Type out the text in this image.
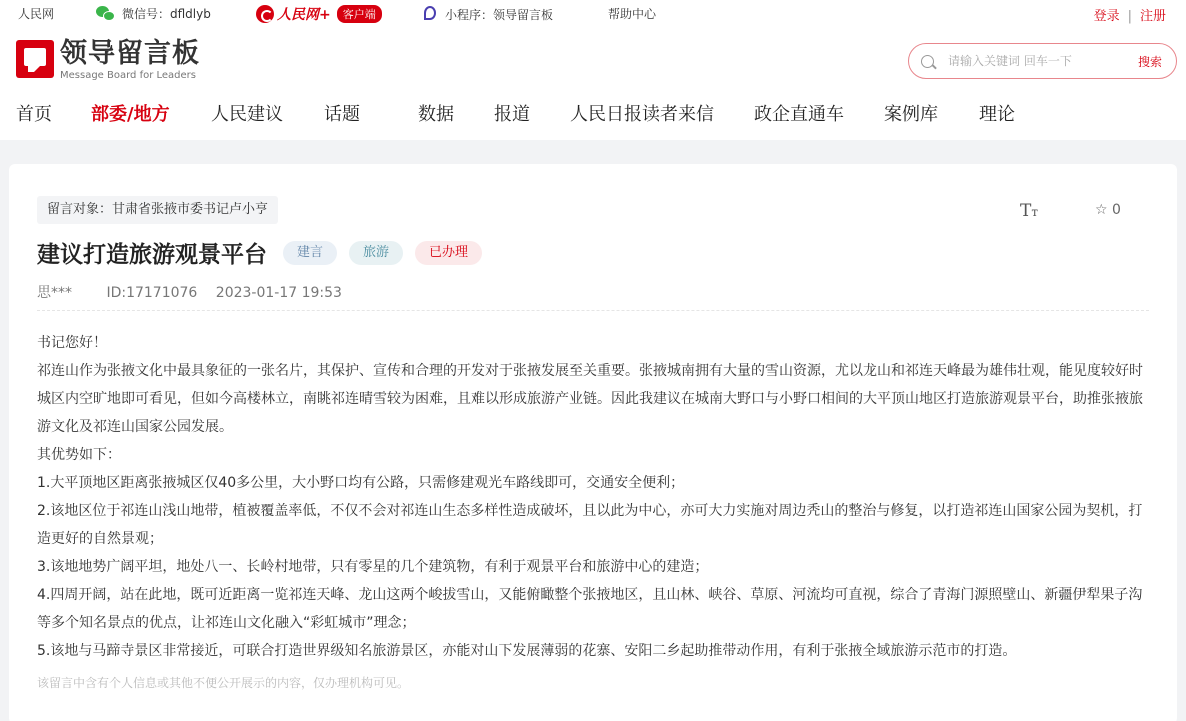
人民网	微信号：dfldlyb	人民网+	客户端	小程序：领导留言板	帮助中心	登录 | 注册
领导留言板
Message Board for Leaders
请输入关键词 回车一下
搜索
首页	部委/地方	人民建议	话题	数据	报道	人民日报读者来信	政企直通车	案例库	理论
留言对象：甘肃省张掖市委书记卢小亨	Tт	☆ 0
建议打造旅游观景平台	建言	旅游	已办理
思*** ID:17171076 2023-01-17 19:53

书记您好！

祁连山作为张掖文化中最具象征的一张名片，其保护、宣传和合理的开发对于张掖发展至关重要。张掖城南拥有大量的雪山资源，尤以龙山和祁连天峰最为雄伟壮观，能见度较好时城区内空旷地即可看见，但如今高楼林立，南眺祁连晴雪较为困难，且难以形成旅游产业链。因此我建议在城南大野口与小野口相间的大平顶山地区打造旅游观景平台，助推张掖旅游文化及祁连山国家公园发展。

其优势如下：

1.大平顶地区距离张掖城区仅40多公里，大小野口均有公路，只需修建观光车路线即可，交通安全便利；

2.该地区位于祁连山浅山地带，植被覆盖率低，不仅不会对祁连山生态多样性造成破坏，且以此为中心，亦可大力实施对周边秃山的整治与修复，以打造祁连山国家公园为契机，打造更好的自然景观；

3.该地地势广阔平坦，地处八一、长岭村地带，只有零星的几个建筑物，有利于观景平台和旅游中心的建造；

4.四周开阔，站在此地，既可近距离一览祁连天峰、龙山这两个峻拔雪山，又能俯瞰整个张掖地区，且山林、峡谷、草原、河流均可直视，综合了青海门源照壁山、新疆伊犁果子沟等多个知名景点的优点，让祁连山文化融入“彩虹城市”理念；

5.该地与马蹄寺景区非常接近，可联合打造世界级知名旅游景区，亦能对山下发展薄弱的花寨、安阳二乡起助推带动作用，有利于张掖全域旅游示范市的打造。

该留言中含有个人信息或其他不便公开展示的内容，仅办理机构可见。
